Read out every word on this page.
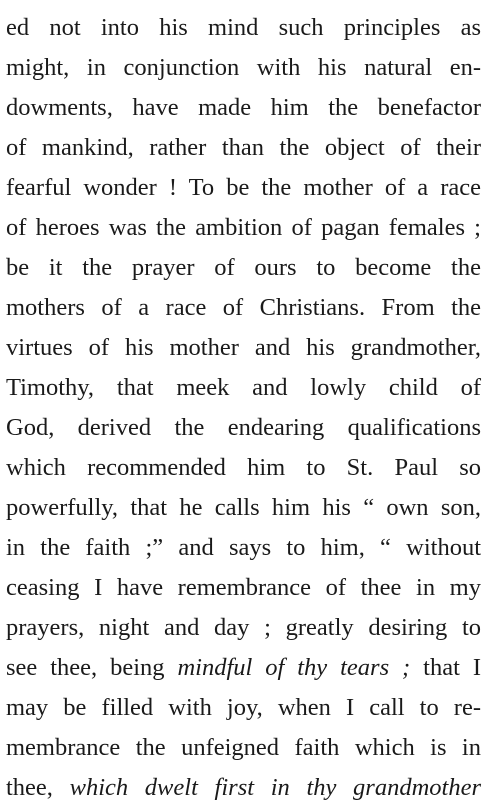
ed not into his mind such principles as
might, in conjunction with his natural en-
dowments, have made him the benefactor
of mankind, rather than the object of their
fearful wonder ! To be the mother of a race
of heroes was the ambition of pagan females ;
be it the prayer of ours to become the
mothers of a race of Christians. From the
virtues of his mother and his grandmother,
Timothy, that meek and lowly child of
God, derived the endearing qualifications
which recommended him to St. Paul so
powerfully, that he calls him his “ own son,
in the faith ;” and says to him, “ without
ceasing I have remembrance of thee in my
prayers, night and day ; greatly desiring to
see thee, being mindful of thy tears ; that I
may be filled with joy, when I call to re-
membrance the unfeigned faith which is in
thee, which dwelt first in thy grandmother
